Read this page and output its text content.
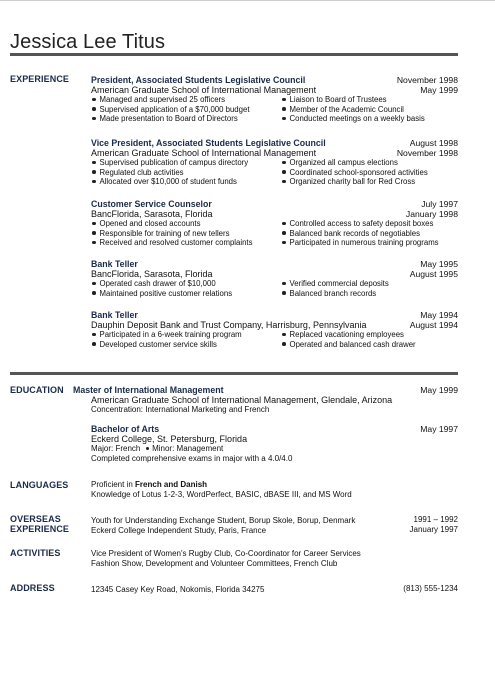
Jessica Lee Titus
EXPERIENCE President, Associated Students Legislative Council	November 1998
American Graduate School of International Management	May 1999
Managed and supervised 25 officers	Liaison to Board of Trustees
Supervised application of a $70,000 budget	Member of the Academic Council
Made presentation to Board of Directors	Conducted meetings on a weekly basis
Vice President, Associated Students Legislative Council	August 1998
American Graduate School of International Management	November 1998
Supervised publication of campus directory	Organized all campus elections
Regulated club activities	Coordinated school-sponsored activities
Allocated over $10,000 of student funds	Organized charity ball for Red Cross
Customer Service Counselor	July 1997
BancFlorida, Sarasota, Florida	January 1998
Opened and closed accounts	Controlled access to safety deposit boxes
Responsible for training of new tellers	Balanced bank records of negotiables
Received and resolved customer complaints	Participated in numerous training programs
Bank Teller	May 1995
BancFlorida, Sarasota, Florida	August 1995
Operated cash drawer of $10,000	Verified commercial deposits
Maintained positive customer relations	Balanced branch records
Bank Teller	May 1994
Dauphin Deposit Bank and Trust Company, Harrisburg, Pennsylvania	August 1994
Participated in a 6-week training program	Replaced vacationing employees
Developed customer service skills	Operated and balanced cash drawer
EDUCATION Master of International Management	May 1999
American Graduate School of International Management, Glendale, Arizona
Concentration: International Marketing and French
Bachelor of Arts	May 1997
Eckerd College, St. Petersburg, Florida
Major: French Minor: Management
Completed comprehensive exams in major with a 4.0/4.0
LANGUAGES	Proficient in French and Danish
Knowledge of Lotus 1-2-3, WordPerfect, BASIC, dBASE III, and MS Word
OVERSEAS
EXPERIENCE
Youth for Understanding Exchange Student, Borup Skole, Borup, Denmark	1991 – 1992
Eckerd College Independent Study, Paris, France	January 1997
ACTIVITIES	Vice President of Women's Rugby Club, Co-Coordinator for Career Services
Fashion Show, Development and Volunteer Committees, French Club
ADDRESS	12345 Casey Key Road, Nokomis, Florida 34275	(813) 555-1234
